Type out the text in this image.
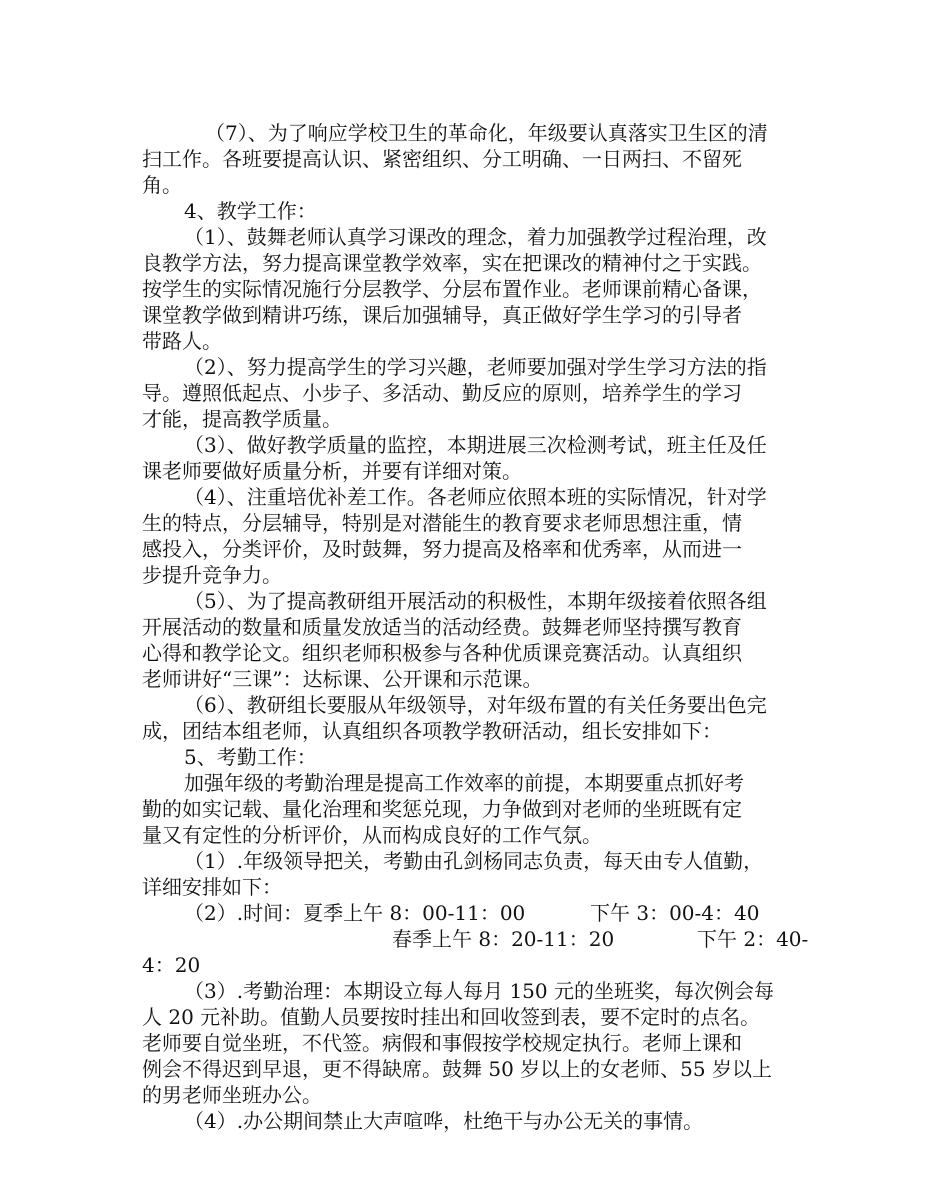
（7）、为了响应学校卫生的革命化，年级要认真落实卫生区的清
扫工作。各班要提高认识、紧密组织、分工明确、一日两扫、不留死
角。
4、教学工作：
（1）、鼓舞老师认真学习课改的理念，着力加强教学过程治理，改
良教学方法，努力提高课堂教学效率，实在把课改的精神付之于实践。
按学生的实际情况施行分层教学、分层布置作业。老师课前精心备课，
课堂教学做到精讲巧练，课后加强辅导，真正做好学生学习的引导者
带路人。
（2）、努力提高学生的学习兴趣，老师要加强对学生学习方法的指
导。遵照低起点、小步子、多活动、勤反应的原则，培养学生的学习
才能，提高教学质量。
（3）、做好教学质量的监控，本期进展三次检测考试，班主任及任
课老师要做好质量分析，并要有详细对策。
（4）、注重培优补差工作。各老师应依照本班的实际情况，针对学
生的特点，分层辅导，特别是对潜能生的教育要求老师思想注重，情
感投入，分类评价，及时鼓舞，努力提高及格率和优秀率，从而进一
步提升竞争力。
（5）、为了提高教研组开展活动的积极性，本期年级接着依照各组
开展活动的数量和质量发放适当的活动经费。鼓舞老师坚持撰写教育
心得和教学论文。组织老师积极参与各种优质课竞赛活动。认真组织
老师讲好“三课”：达标课、公开课和示范课。
（6）、教研组长要服从年级领导，对年级布置的有关任务要出色完
成，团结本组老师，认真组织各项教学教研活动，组长安排如下：
5、考勤工作：
加强年级的考勤治理是提高工作效率的前提，本期要重点抓好考
勤的如实记载、量化治理和奖惩兑现，力争做到对老师的坐班既有定
量又有定性的分析评价，从而构成良好的工作气氛。
（1）.年级领导把关，考勤由孔剑杨同志负责，每天由专人值勤，
详细安排如下：
（2）.时间：夏季上午 8：00-11：00	下午 3：00-4：40
春季上午 8：20-11：20	下午 2：40-
4：20
（3）.考勤治理：本期设立每人每月 150 元的坐班奖，每次例会每
人 20 元补助。值勤人员要按时挂出和回收签到表，要不定时的点名。
老师要自觉坐班，不代签。病假和事假按学校规定执行。老师上课和
例会不得迟到早退，更不得缺席。鼓舞 50 岁以上的女老师、55 岁以上
的男老师坐班办公。
（4）.办公期间禁止大声喧哗，杜绝干与办公无关的事情。
